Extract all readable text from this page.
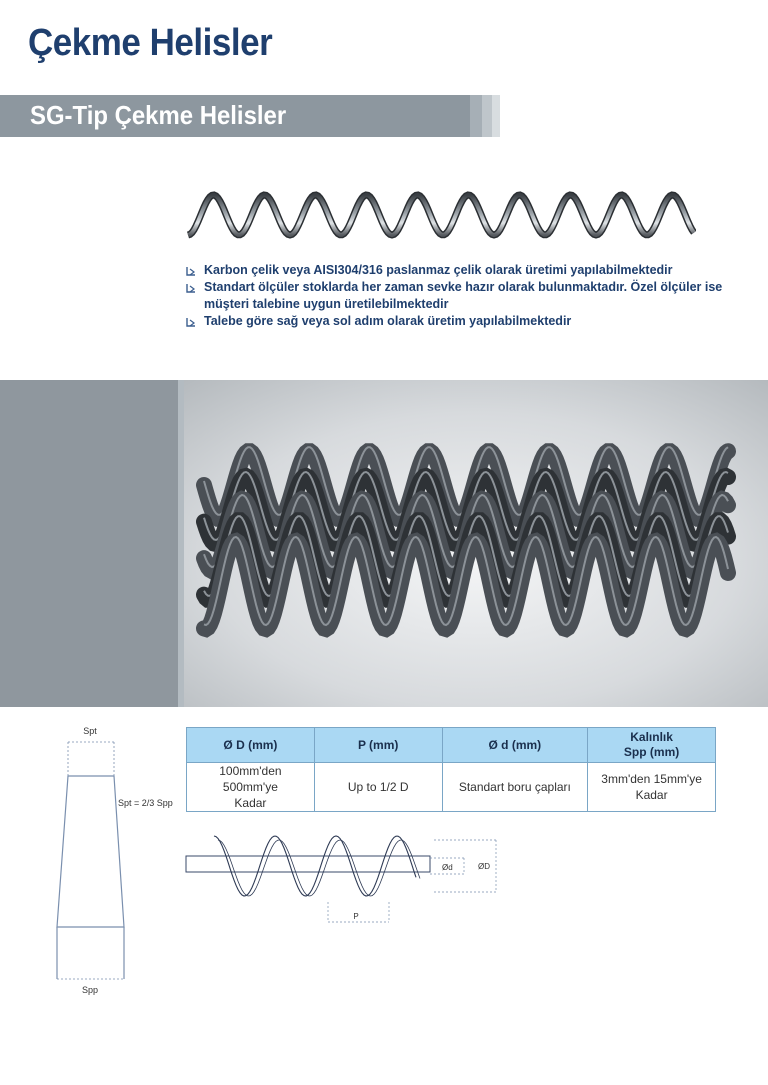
Çekme Helisler
SG-Tip Çekme Helisler
Karbon çelik veya AISI304/316 paslanmaz çelik olarak üretimi yapılabilmektedir
Standart ölçüler stoklarda her zaman sevke hazır olarak bulunmaktadır. Özel ölçüler ise müşteri talebine uygun üretilebilmektedir
Talebe göre sağ veya sol adım olarak üretim yapılabilmektedir
Spt
Spt = 2/3 Spp
Spp
Ø D (mm)	P (mm)	Ø d (mm)	Kalınlık
Spp (mm)
100mm'den 500mm'ye
Kadar	Up to 1/2 D	Standart boru çapları	3mm'den 15mm'ye
Kadar
Ød	ØD
P
